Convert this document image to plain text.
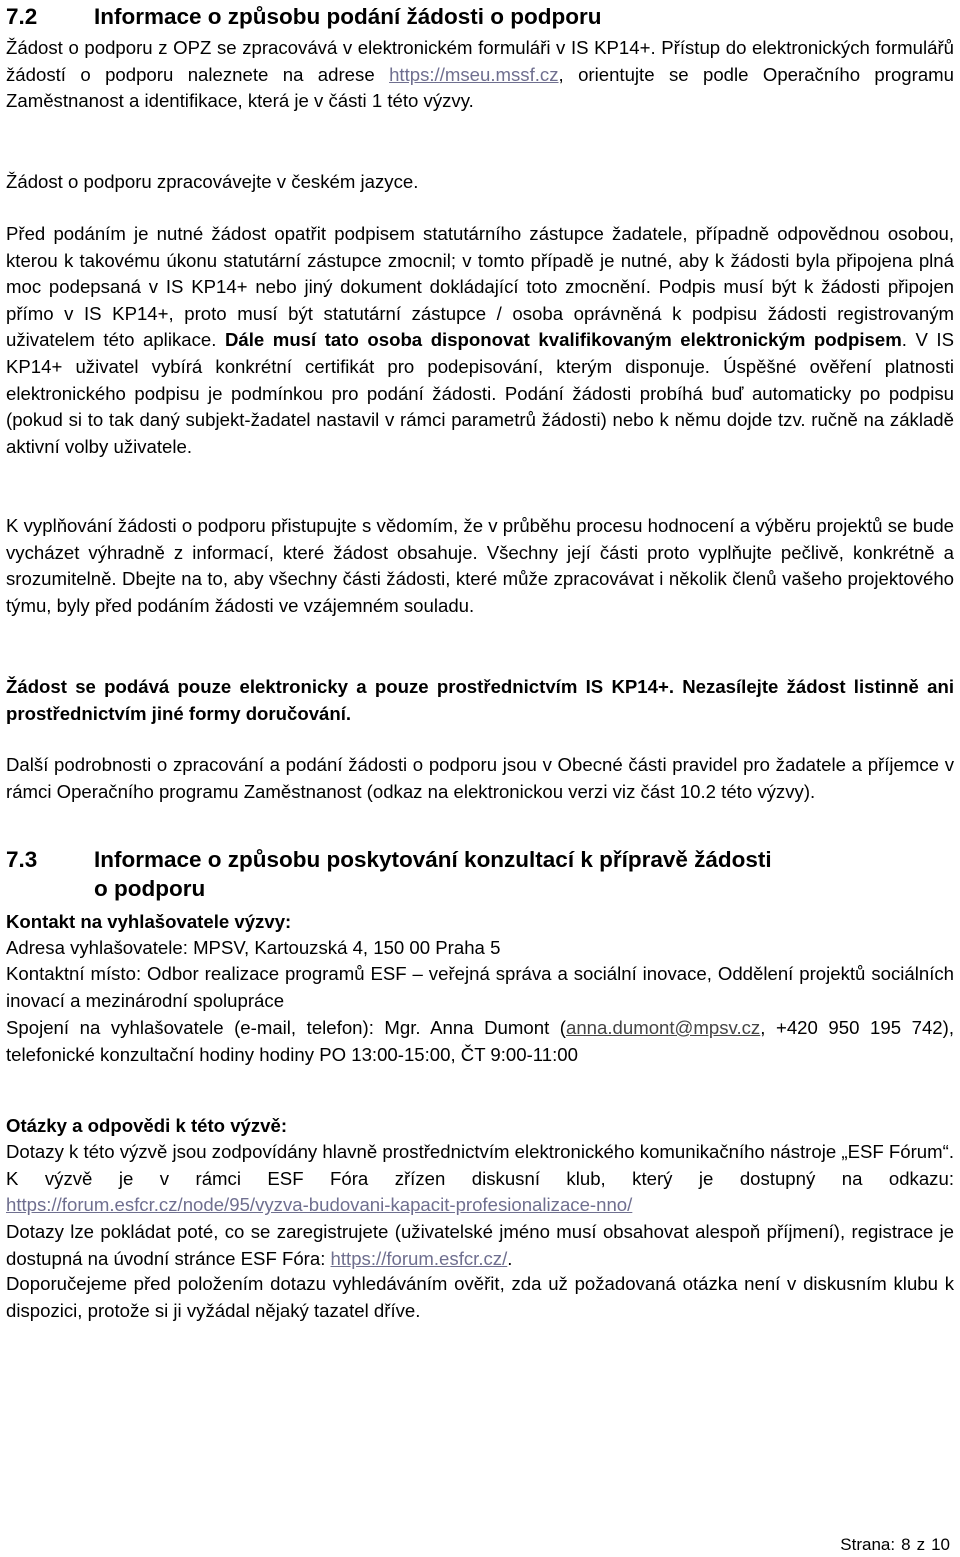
7.2	Informace o způsobu podání žádosti o podporu

Žádost o podporu z OPZ se zpracovává v elektronickém formuláři v IS KP14+. Přístup do elektronických formulářů žádostí o podporu naleznete na adrese https://mseu.mssf.cz, orientujte se podle Operačního programu Zaměstnanost a identifikace, která je v části 1 této výzvy.

Žádost o podporu zpracovávejte v českém jazyce.

Před podáním je nutné žádost opatřit podpisem statutárního zástupce žadatele, případně odpovědnou osobou, kterou k takovému úkonu statutární zástupce zmocnil; v tomto případě je nutné, aby k žádosti byla připojena plná moc podepsaná v IS KP14+ nebo jiný dokument dokládající toto zmocnění. Podpis musí být k žádosti připojen přímo v IS KP14+, proto musí být statutární zástupce / osoba oprávněná k podpisu žádosti registrovaným uživatelem této aplikace. Dále musí tato osoba disponovat kvalifikovaným elektronickým podpisem. V IS KP14+ uživatel vybírá konkrétní certifikát pro podepisování, kterým disponuje. Úspěšné ověření platnosti elektronického podpisu je podmínkou pro podání žádosti. Podání žádosti probíhá buď automaticky po podpisu (pokud si to tak daný subjekt-žadatel nastavil v rámci parametrů žádosti) nebo k němu dojde tzv. ručně na základě aktivní volby uživatele.

K vyplňování žádosti o podporu přistupujte s vědomím, že v průběhu procesu hodnocení a výběru projektů se bude vycházet výhradně z informací, které žádost obsahuje. Všechny její části proto vyplňujte pečlivě, konkrétně a srozumitelně. Dbejte na to, aby všechny části žádosti, které může zpracovávat i několik členů vašeho projektového týmu, byly před podáním žádosti ve vzájemném souladu.

Žádost se podává pouze elektronicky a pouze prostřednictvím IS KP14+. Nezasílejte žádost listinně ani prostřednictvím jiné formy doručování.

Další podrobnosti o zpracování a podání žádosti o podporu jsou v Obecné části pravidel pro žadatele a příjemce v rámci Operačního programu Zaměstnanost (odkaz na elektronickou verzi viz část 10.2 této výzvy).

7.3	Informace o způsobu poskytování konzultací k přípravě žádosti
o podporu

Kontakt na vyhlašovatele výzvy:

Adresa vyhlašovatele: MPSV, Kartouzská 4, 150 00 Praha 5

Kontaktní místo: Odbor realizace programů ESF – veřejná správa a sociální inovace, Oddělení projektů sociálních inovací a mezinárodní spolupráce

Spojení na vyhlašovatele (e-mail, telefon): Mgr. Anna Dumont (anna.dumont@mpsv.cz, +420 950 195 742), telefonické konzultační hodiny hodiny PO 13:00-15:00, ČT 9:00-11:00

Otázky a odpovědi k této výzvě:

Dotazy k této výzvě jsou zodpovídány hlavně prostřednictvím elektronického komunikačního nástroje „ESF Fórum“. K výzvě je v rámci ESF Fóra zřízen diskusní klub, který je dostupný na odkazu: https://forum.esfcr.cz/node/95/vyzva-budovani-kapacit-profesionalizace-nno/

Dotazy lze pokládat poté, co se zaregistrujete (uživatelské jméno musí obsahovat alespoň příjmení), registrace je dostupná na úvodní stránce ESF Fóra: https://forum.esfcr.cz/.

Doporučejeme před položením dotazu vyhledáváním ověřit, zda už požadovaná otázka není v diskusním klubu k dispozici, protože si ji vyžádal nějaký tazatel dříve.

Strana: 8 z 10
